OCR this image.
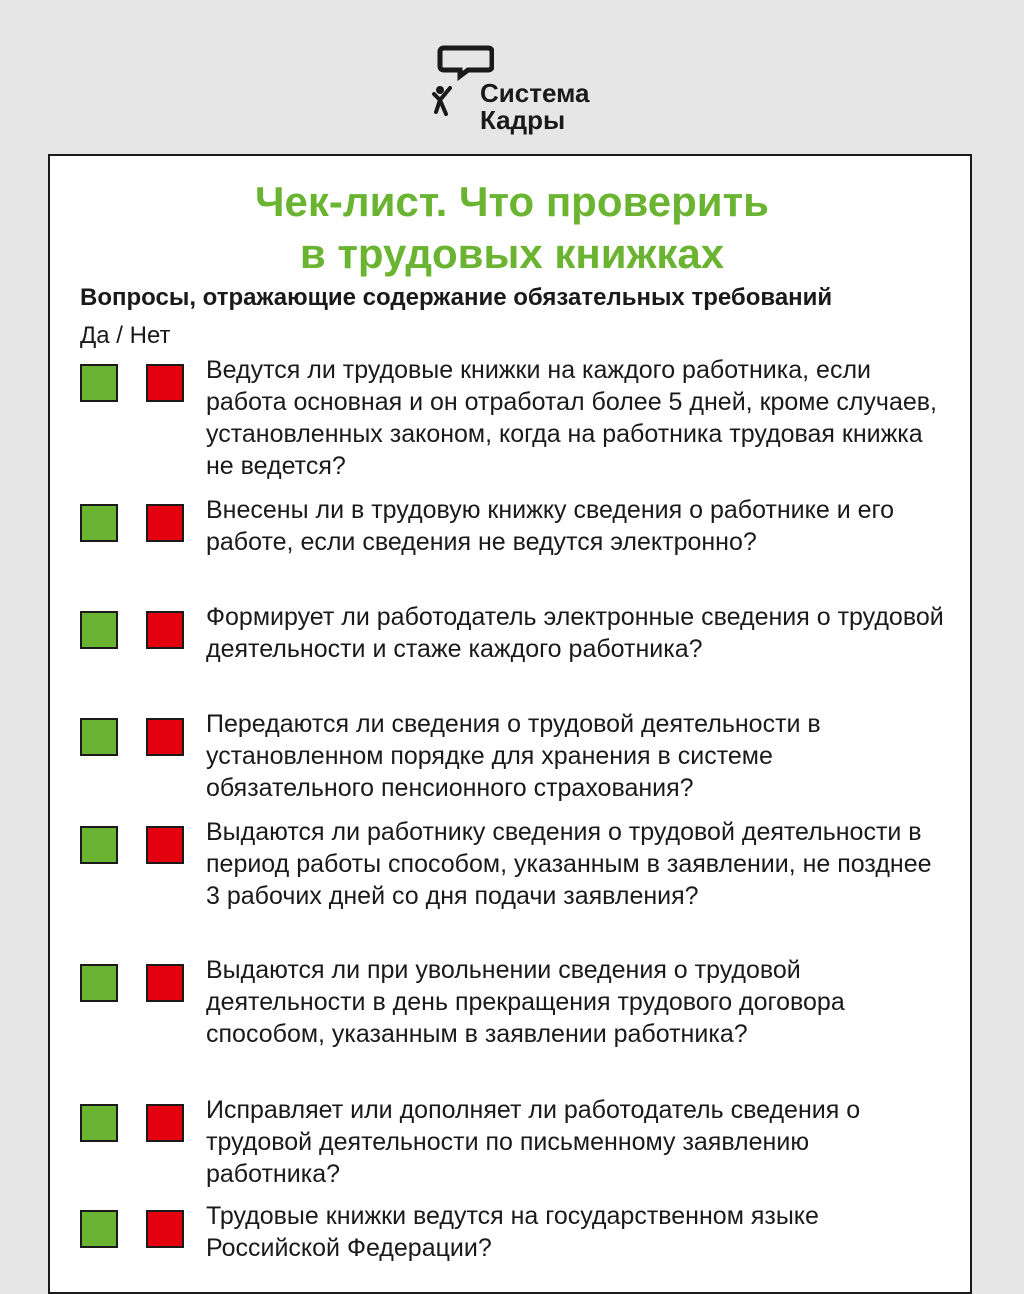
Система
Кадры
Чек-лист. Что проверить
в трудовых книжках
Вопросы, отражающие содержание обязательных требований
Да / Нет
Ведутся ли трудовые книжки на каждого работника, если работа основная и он отработал более 5 дней, кроме случаев, установленных законом, когда на работника трудовая книжка не ведется?
Внесены ли в трудовую книжку сведения о работнике и его работе, если сведения не ведутся электронно?
Формирует ли работодатель электронные сведения о трудовой деятельности и стаже каждого работника?
Передаются ли сведения о трудовой деятельности в установленном порядке для хранения в системе обязательного пенсионного страхования?
Выдаются ли работнику сведения о трудовой деятельности в период работы способом, указанным в заявлении, не позднее 3 рабочих дней со дня подачи заявления?
Выдаются ли при увольнении сведения о трудовой деятельности в день прекращения трудового договора способом, указанным в заявлении работника?
Исправляет или дополняет ли работодатель сведения о трудовой деятельности по письменному заявлению работника?
Трудовые книжки ведутся на государственном языке Российской Федерации?
